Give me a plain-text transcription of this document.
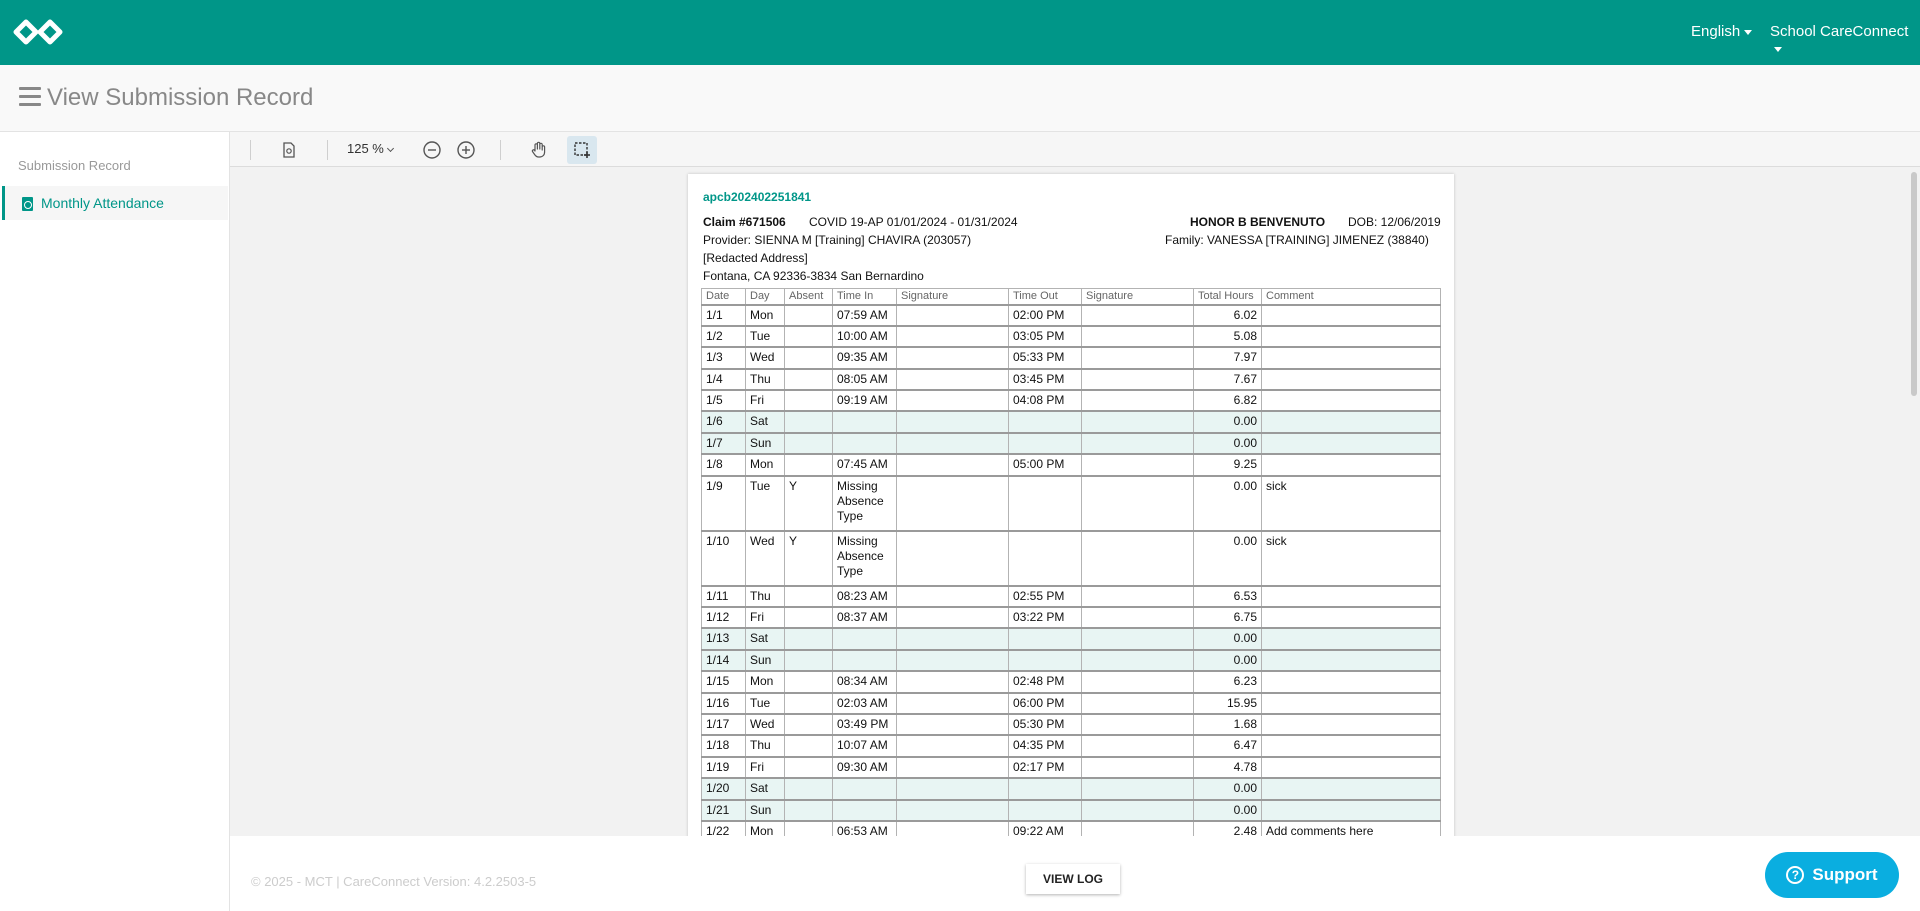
English	School CareConnect
View Submission Record
Submission Record
Monthly Attendance
125 %
apcb202402251841
Claim #671506 COVID 19-AP 01/01/2024 - 01/31/2024	HONOR B BENVENUTO DOB: 12/06/2019
Provider: SIENNA M [Training] CHAVIRA (203057)	Family: VANESSA [TRAINING] JIMENEZ (38840)
[Redacted Address]
Fontana, CA 92336-3834 San Bernardino
Date	Day	Absent	Time In	Signature	Time Out	Signature	Total Hours	Comment
1/1	Mon		07:59 AM		02:00 PM		6.02	
1/2	Tue		10:00 AM		03:05 PM		5.08	
1/3	Wed		09:35 AM		05:33 PM		7.97	
1/4	Thu		08:05 AM		03:45 PM		7.67	
1/5	Fri		09:19 AM		04:08 PM		6.82	
1/6	Sat						0.00	
1/7	Sun						0.00	
1/8	Mon		07:45 AM		05:00 PM		9.25	
1/9	Tue	Y	Missing Absence Type				0.00	sick
1/10	Wed	Y	Missing Absence Type				0.00	sick
1/11	Thu		08:23 AM		02:55 PM		6.53	
1/12	Fri		08:37 AM		03:22 PM		6.75	
1/13	Sat						0.00	
1/14	Sun						0.00	
1/15	Mon		08:34 AM		02:48 PM		6.23	
1/16	Tue		02:03 AM		06:00 PM		15.95	
1/17	Wed		03:49 PM		05:30 PM		1.68	
1/18	Thu		10:07 AM		04:35 PM		6.47	
1/19	Fri		09:30 AM		02:17 PM		4.78	
1/20	Sat						0.00	
1/21	Sun						0.00	
1/22	Mon		06:53 AM		09:22 AM		2.48	Add comments here
© 2025 - MCT | CareConnect Version: 4.2.2503-5	VIEW LOG	? Support
